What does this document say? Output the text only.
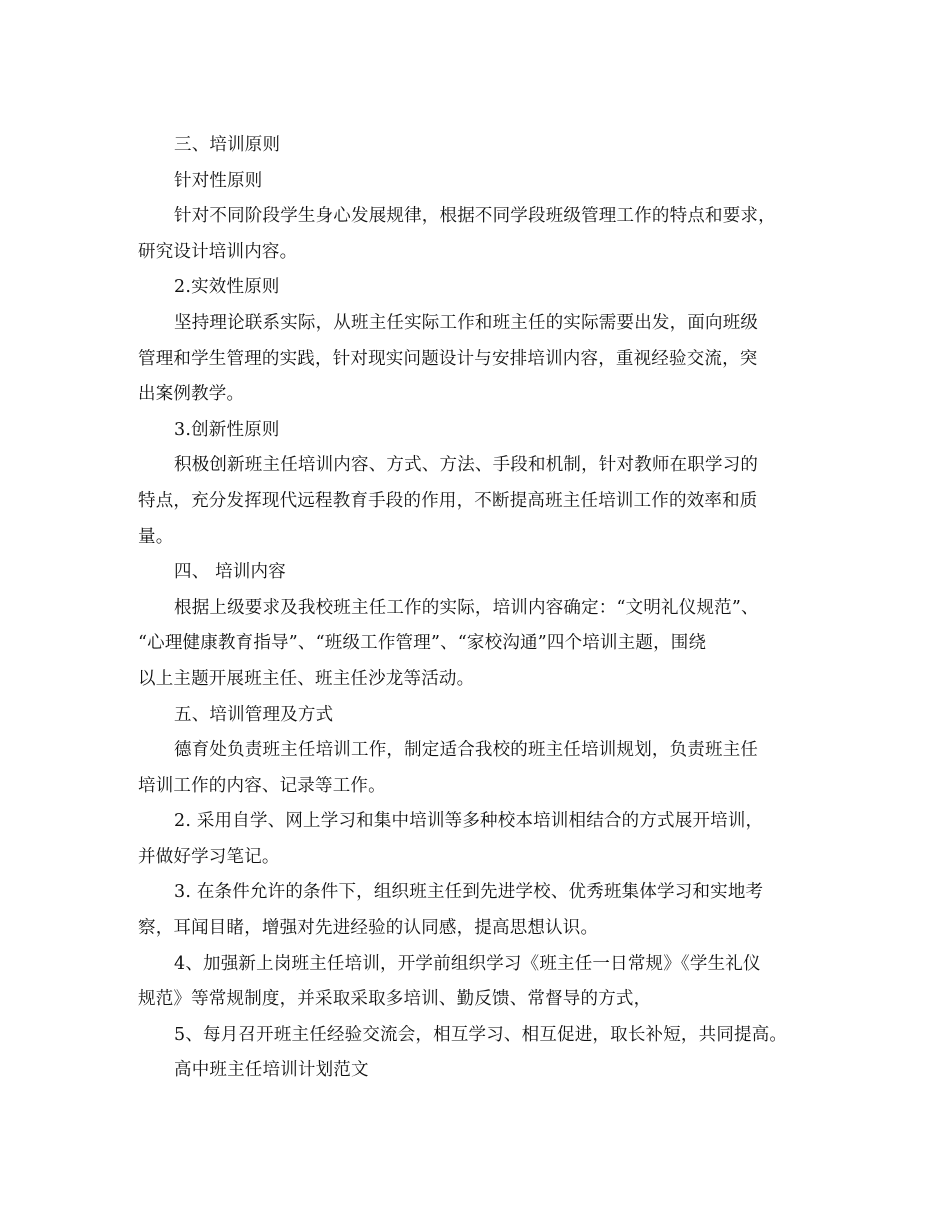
三、培训原则
针对性原则
针对不同阶段学生身心发展规律，根据不同学段班级管理工作的特点和要求，
研究设计培训内容。
2.实效性原则
坚持理论联系实际，从班主任实际工作和班主任的实际需要出发，面向班级
管理和学生管理的实践，针对现实问题设计与安排培训内容，重视经验交流，突
出案例教学。
3.创新性原则
积极创新班主任培训内容、方式、方法、手段和机制，针对教师在职学习的
特点，充分发挥现代远程教育手段的作用，不断提高班主任培训工作的效率和质
量。
四、 培训内容
根据上级要求及我校班主任工作的实际，培训内容确定：“文明礼仪规范”、
“心理健康教育指导”、“班级工作管理”、“家校沟通”四个培训主题，围绕
以上主题开展班主任、班主任沙龙等活动。
五、培训管理及方式
德育处负责班主任培训工作，制定适合我校的班主任培训规划，负责班主任
培训工作的内容、记录等工作。
2. 采用自学、网上学习和集中培训等多种校本培训相结合的方式展开培训，
并做好学习笔记。
3. 在条件允许的条件下，组织班主任到先进学校、优秀班集体学习和实地考
察，耳闻目睹，增强对先进经验的认同感，提高思想认识。
4、加强新上岗班主任培训，开学前组织学习《班主任一日常规》《学生礼仪
规范》等常规制度，并采取采取多培训、勤反馈、常督导的方式，
5、每月召开班主任经验交流会，相互学习、相互促进，取长补短，共同提高。
高中班主任培训计划范文
